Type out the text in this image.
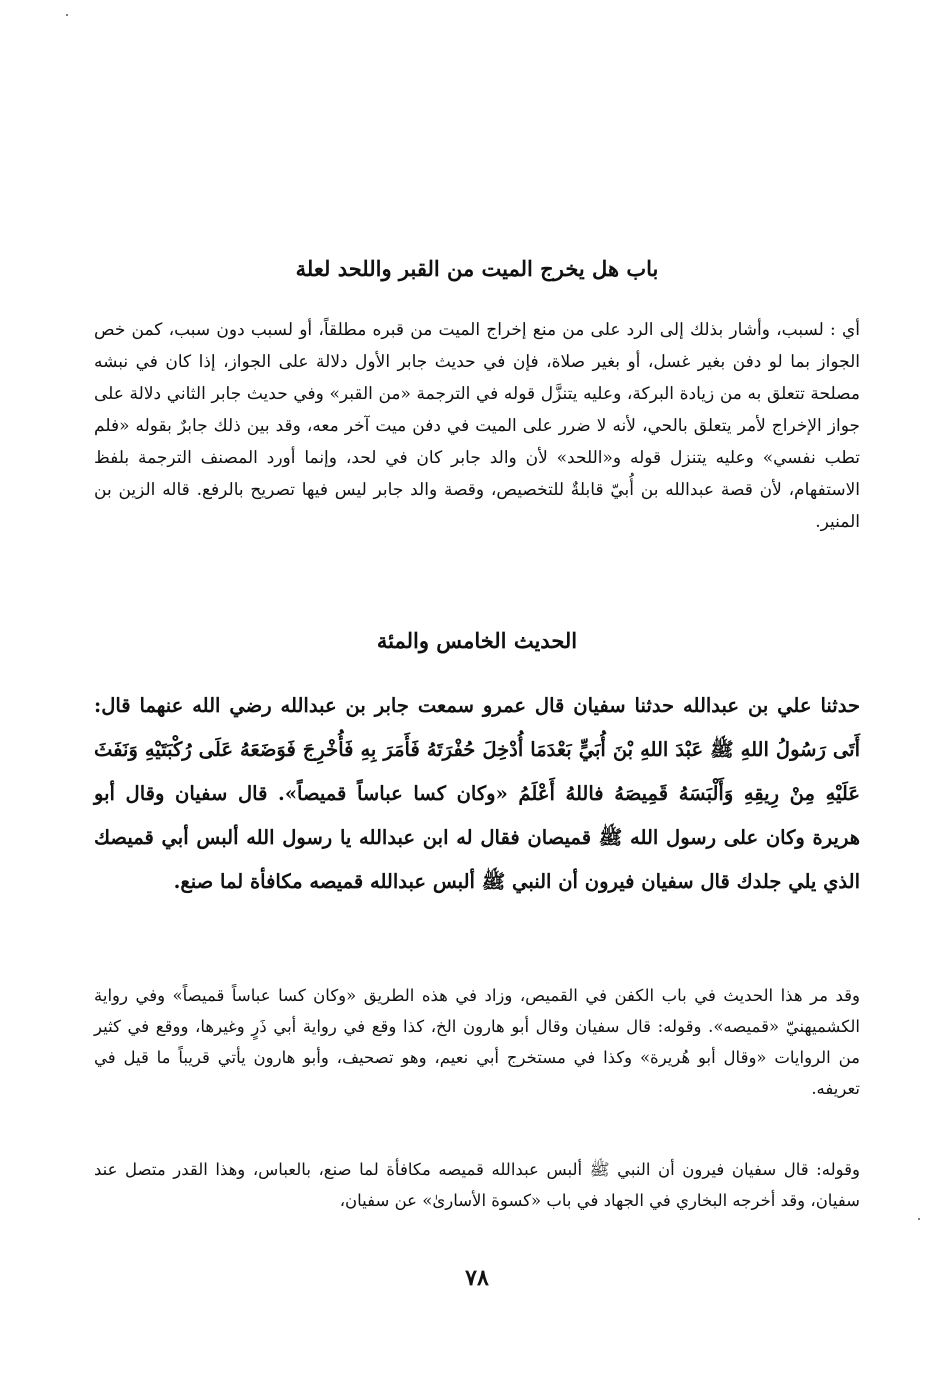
باب هل يخرج الميت من القبر واللحد لعلة

أي : لسبب، وأشار بذلك إلى الرد على من منع إخراج الميت من قبره مطلقاً، أو لسبب دون سبب، كمن خص الجواز بما لو دفن بغير غسل، أو بغير صلاة، فإن في حديث جابر الأول دلالة على الجواز، إذا كان في نبشه مصلحة تتعلق به من زيادة البركة، وعليه يتنزَّل قوله في الترجمة «من القبر» وفي حديث جابر الثاني دلالة على جواز الإخراج لأمر يتعلق بالحي، لأنه لا ضرر على الميت في دفن ميت آخر معه، وقد بين ذلك جابرٌ بقوله «فلم تطب نفسي» وعليه يتنزل قوله و«اللحد» لأن والد جابر كان في لحد، وإنما أورد المصنف الترجمة بلفظ الاستفهام، لأن قصة عبدالله بن أُبيّ قابلةٌ للتخصيص، وقصة والد جابر ليس فيها تصريح بالرفع. قاله الزين بن المنير.

الحديث الخامس والمئة

حدثنا علي بن عبدالله حدثنا سفيان قال عمرو سمعت جابر بن عبدالله رضي الله عنهما قال: أَتَى رَسُولُ اللهِ ﷺ عَبْدَ اللهِ بْنَ أُبَيٍّ بَعْدَمَا أُدْخِلَ حُفْرَتَهُ فَأَمَرَ بِهِ فَأُخْرِجَ فَوَضَعَهُ عَلَى رُكْبَتَيْهِ وَنَفَثَ عَلَيْهِ مِنْ رِيقِهِ وَأَلْبَسَهُ قَمِيصَهُ فاللهُ أَعْلَمُ «وكان كسا عباساً قميصاً». قال سفيان وقال أبو هريرة وكان على رسول الله ﷺ قميصان فقال له ابن عبدالله يا رسول الله ألبس أبي قميصك الذي يلي جلدك قال سفيان فيرون أن النبي ﷺ ألبس عبدالله قميصه مكافأة لما صنع.

وقد مر هذا الحديث في باب الكفن في القميص، وزاد في هذه الطريق «وكان كسا عباساً قميصاً» وفي رواية الكشميهنيّ «قميصه». وقوله: قال سفيان وقال أبو هارون الخ، كذا وقع في رواية أبي ذَرٍ وغيرها، ووقع في كثير من الروايات «وقال أبو هُريرة» وكذا في مستخرج أبي نعيم، وهو تصحيف، وأبو هارون يأتي قريباً ما قيل في تعريفه.

وقوله: قال سفيان فيرون أن النبي ﷺ ألبس عبدالله قميصه مكافأة لما صنع، بالعباس، وهذا القدر متصل عند سفيان، وقد أخرجه البخاري في الجهاد في باب «كسوة الأسارىٰ» عن سفيان،

٧٨
